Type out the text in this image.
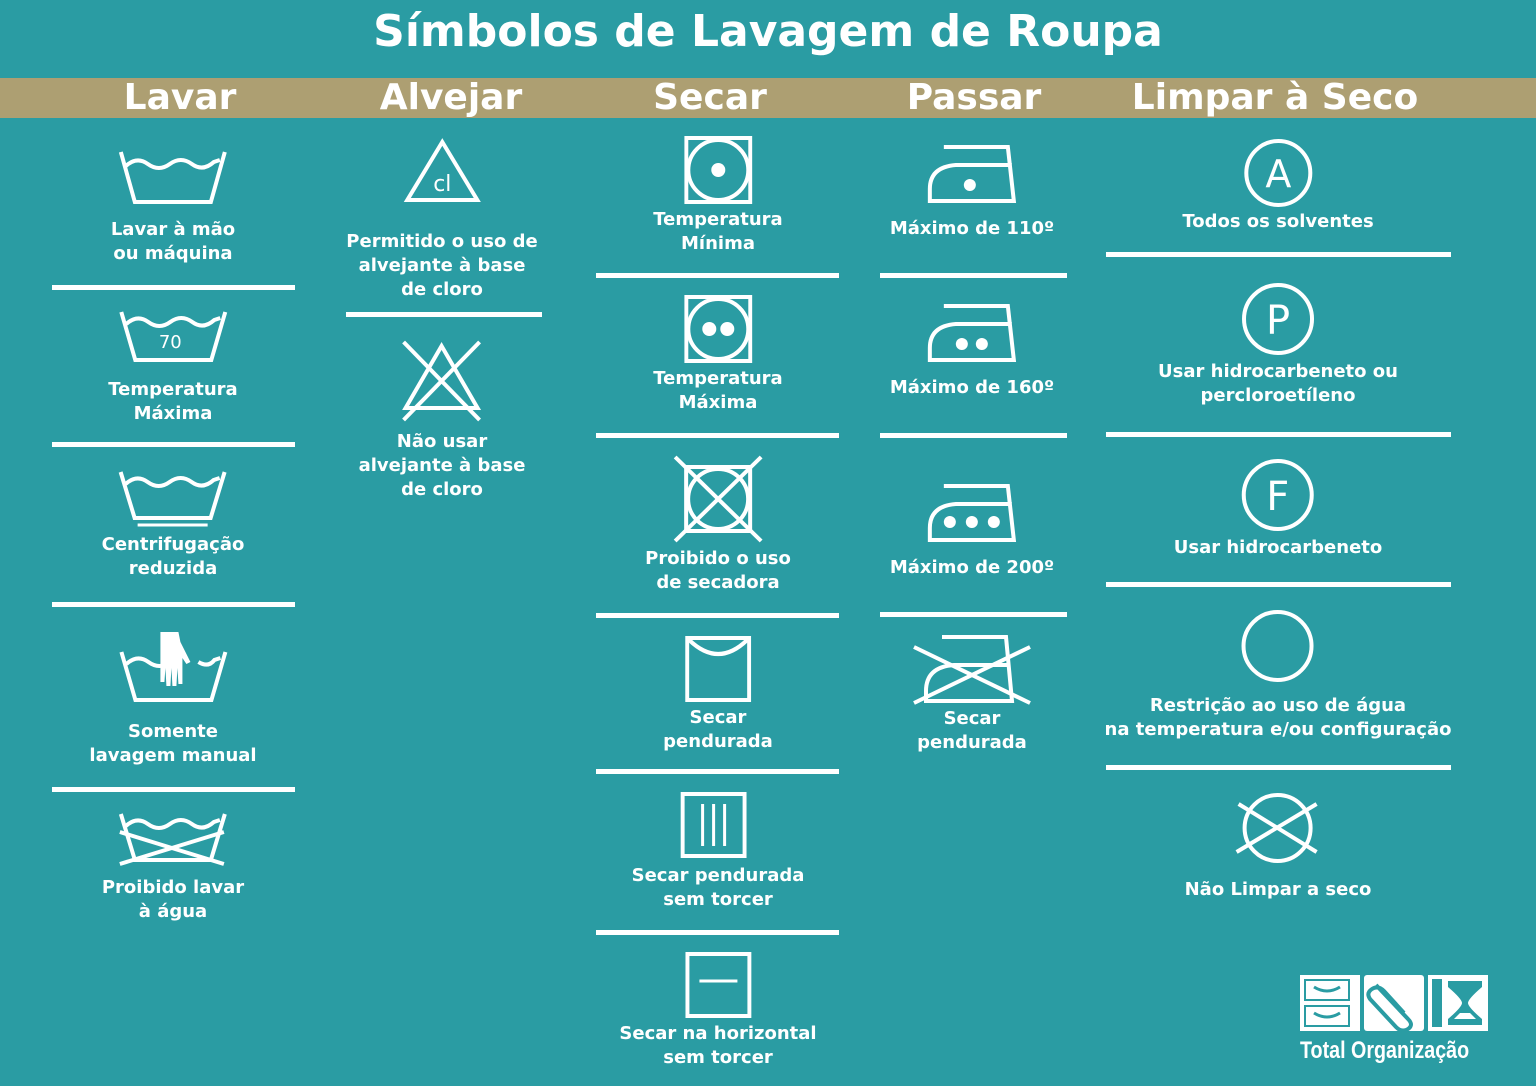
Símbolos de Lavagem de Roupa
Lavar	Alvejar	Secar	Passar	Limpar à Seco
Lavar à mão
ou máquina
70
Temperatura
Máxima
Centrifugação
reduzida
Somente
lavagem manual
Proibido lavar
à água
cl
Permitido o uso de
alvejante à base
de cloro
Não usar
alvejante à base
de cloro
Temperatura
Mínima
Temperatura
Máxima
Proibido o uso
de secadora
Secar
pendurada
Secar pendurada
sem torcer
Secar na horizontal
sem torcer
Máximo de 110º
Máximo de 160º
Máximo de 200º
Secar
pendurada
A
Todos os solventes
P
Usar hidrocarbeneto ou
percloroetíleno
F
Usar hidrocarbeneto
Restrição ao uso de água
na temperatura e/ou configuração
Não Limpar a seco
Total Organização
